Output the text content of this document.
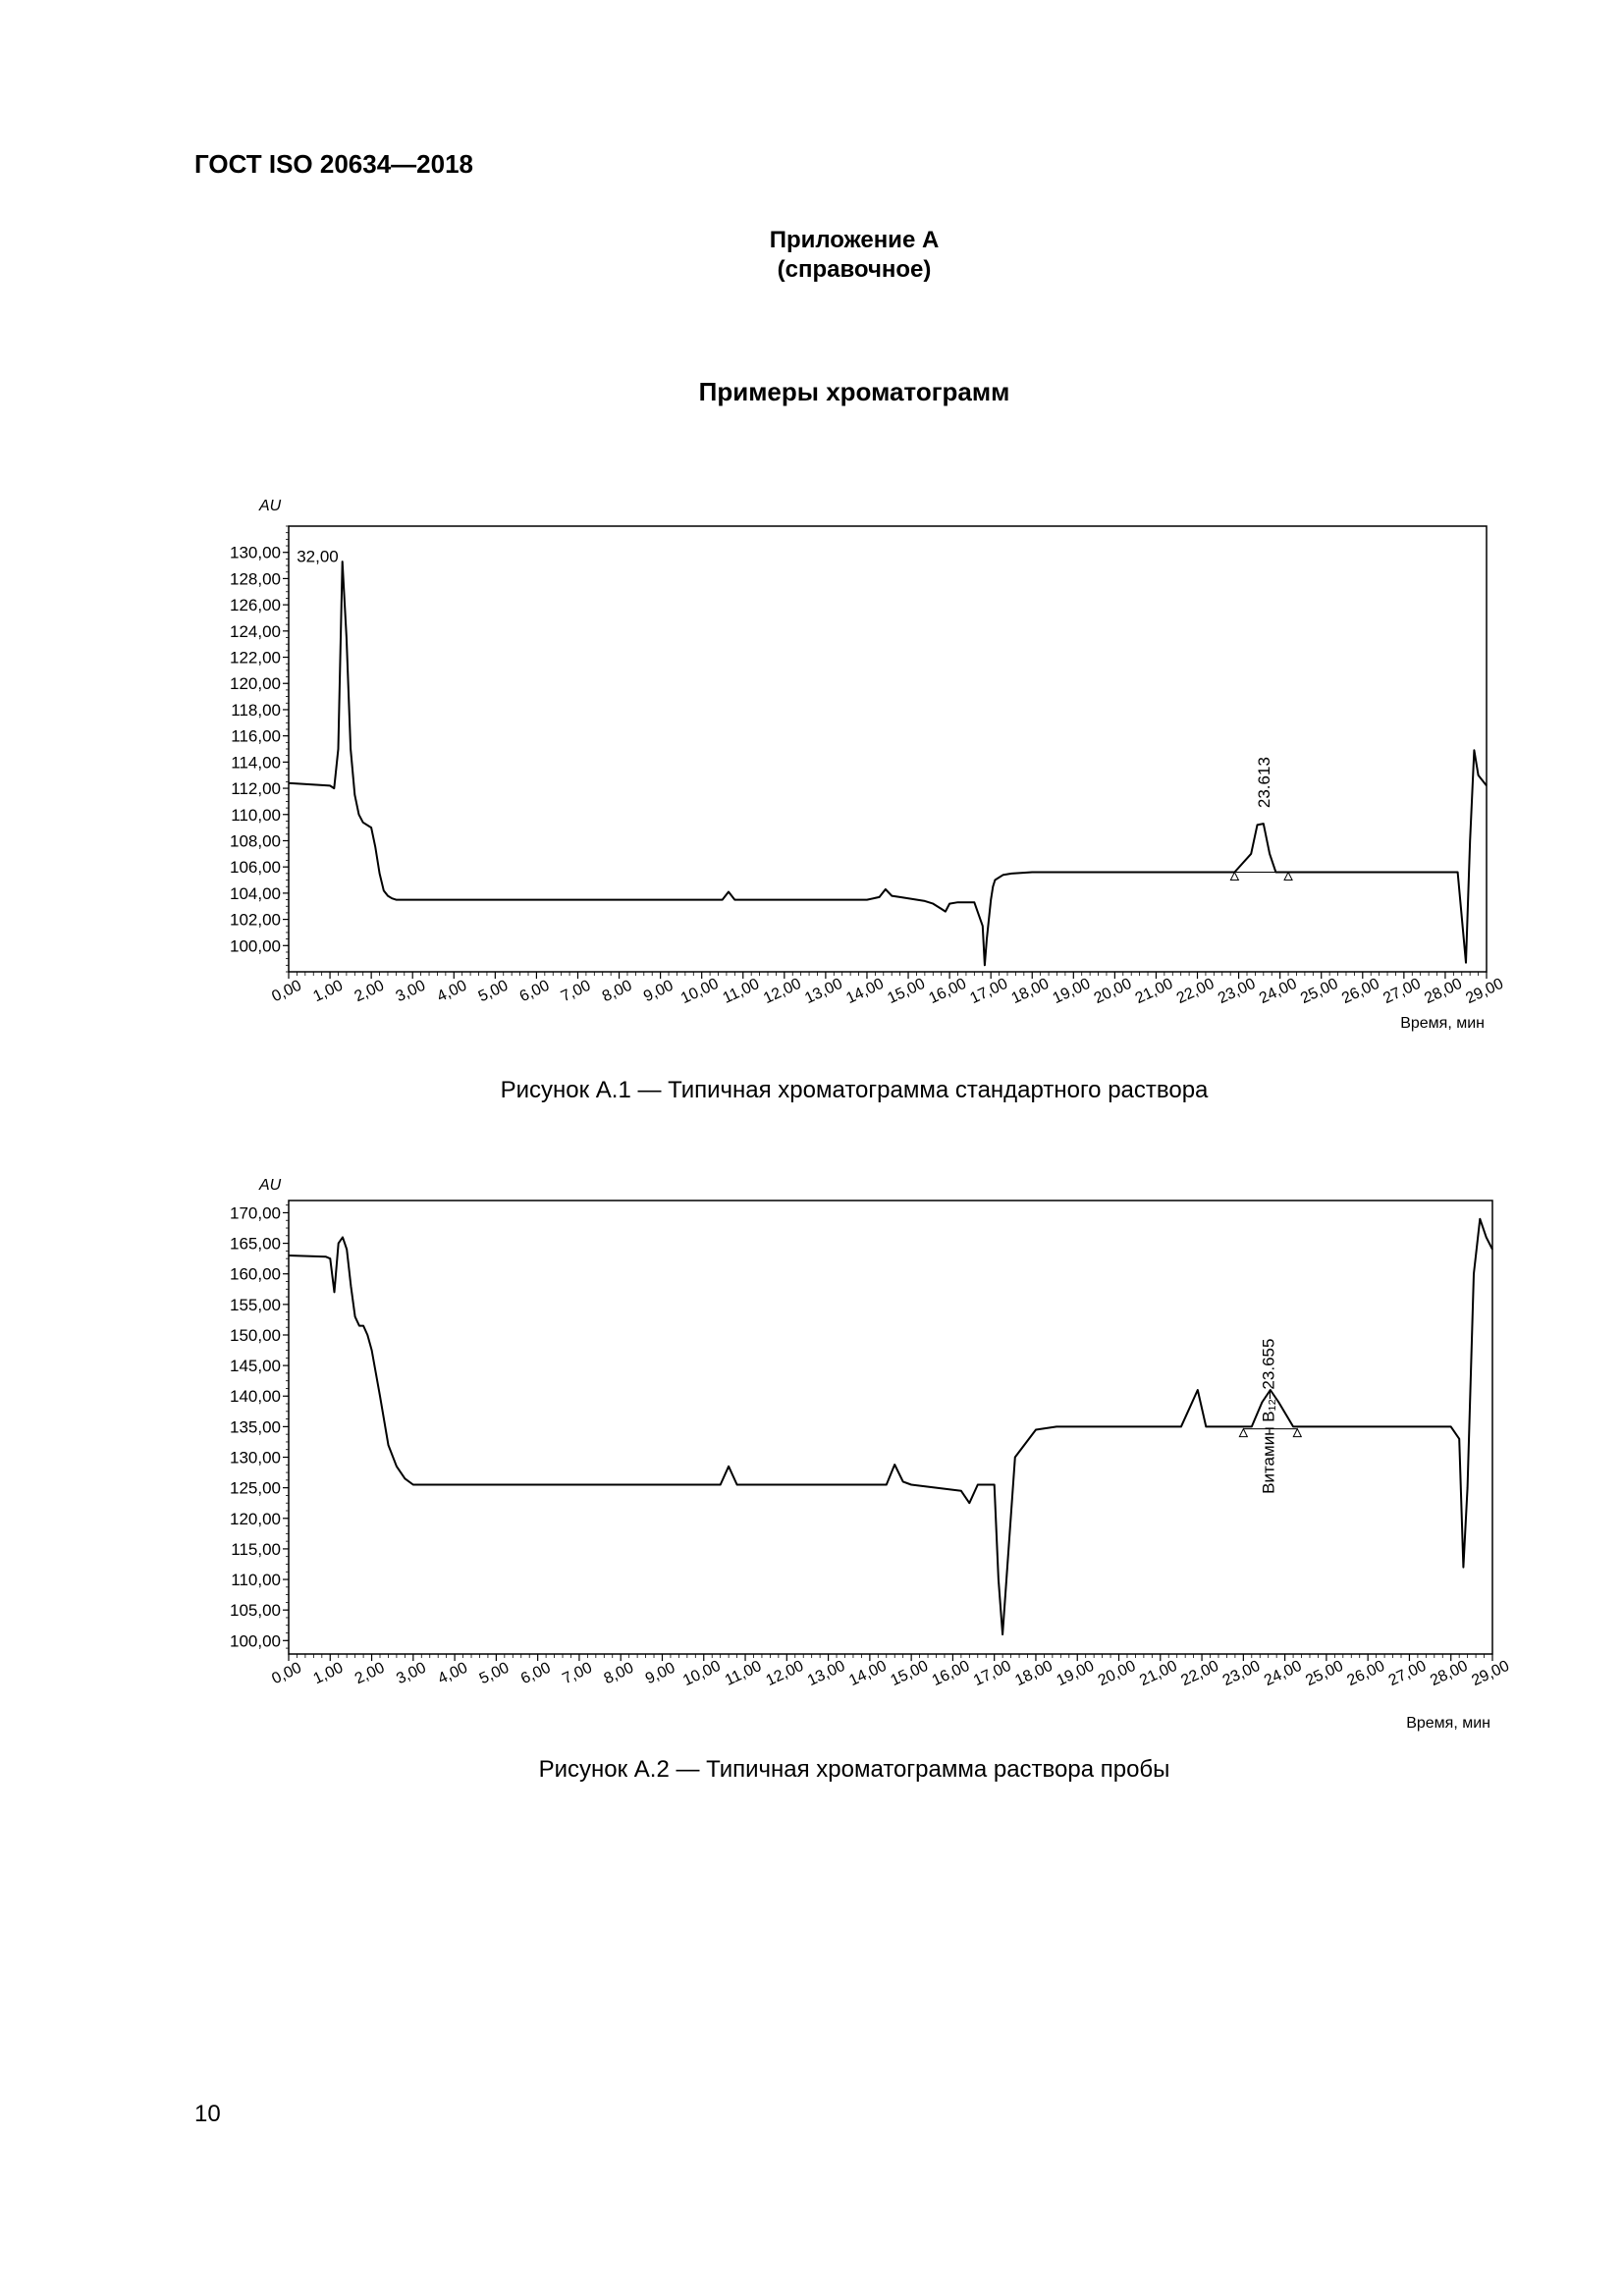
ГОСТ ISO 20634—2018
Приложение А
(справочное)
Примеры хроматограмм
100,00
102,00
104,00
106,00
108,00
110,00
112,00
114,00
116,00
118,00
120,00
122,00
124,00
126,00
128,00
130,00
AU
0,00 1,00 2,00 3,00 4,00 5,00 6,00 7,00 8,00 9,00 10,00 11,00 12,00
13,00
14,00
15,00
16,00
17,00
18,00
19,00
20,00
21,00
22,00
23,00
24,00
25,00
26,00
27,00
28,00
29,00
Время, мин
32,00
23.613
100,00
105,00
110,00
115,00
120,00
125,00
130,00
135,00
140,00
145,00
150,00
155,00
160,00
165,00
170,00
AU
0,00 1,00 2,00 3,00 4,00 5,00 6,00 7,00 8,00 9,00 10,00 11,00 12,00
13,00
14,00
15,00
16,00
17,00
18,00
19,00
20,00
21,00
22,00
23,00
24,00
25,00
26,00
27,00
28,00
29,00
Время, мин
Витамин B₁₂–23.655
Рисунок А.1 — Типичная хроматограмма стандартного раствора
Рисунок А.2 — Типичная хроматограмма раствора пробы
10
